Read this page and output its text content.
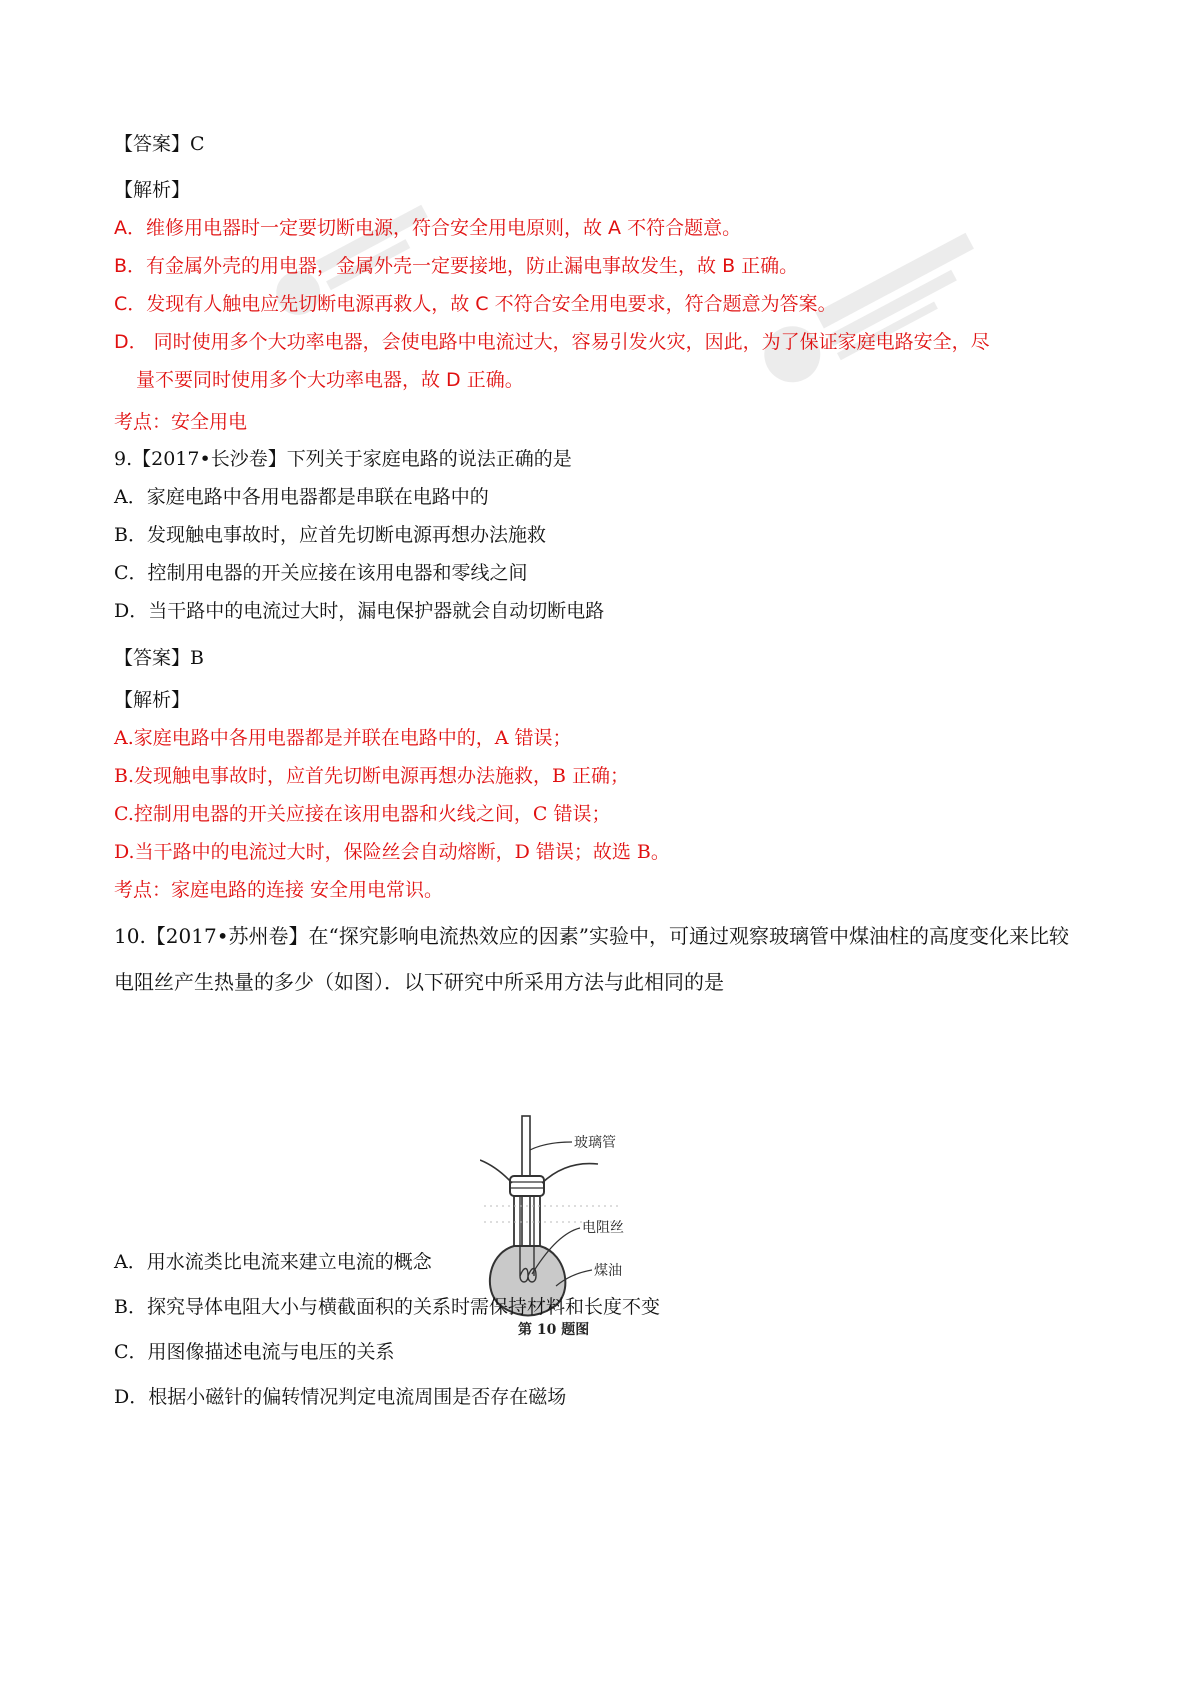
【答案】C
【解析】
A．维修用电器时一定要切断电源，符合安全用电原则，故 A 不符合题意。
B．有金属外壳的用电器，金属外壳一定要接地，防止漏电事故发生，故 B 正确。
C．发现有人触电应先切断电源再救人，故 C 不符合安全用电要求，符合题意为答案。
D． 同时使用多个大功率电器，会使电路中电流过大，容易引发火灾，因此，为了保证家庭电路安全，尽
量不要同时使用多个大功率电器，故 D 正确。
考点：安全用电
9.【2017•长沙卷】下列关于家庭电路的说法正确的是
A．家庭电路中各用电器都是串联在电路中的
B．发现触电事故时，应首先切断电源再想办法施救
C．控制用电器的开关应接在该用电器和零线之间
D．当干路中的电流过大时，漏电保护器就会自动切断电路
【答案】B
【解析】
A.家庭电路中各用电器都是并联在电路中的，A 错误；
B.发现触电事故时，应首先切断电源再想办法施救，B 正确；
C.控制用电器的开关应接在该用电器和火线之间，C 错误；
D.当干路中的电流过大时，保险丝会自动熔断，D 错误；故选 B。
考点：家庭电路的连接 安全用电常识。
10.【2017•苏州卷】在“探究影响电流热效应的因素”实验中，可通过观察玻璃管中煤油柱的高度变化来比较
电阻丝产生热量的多少（如图）．以下研究中所采用方法与此相同的是
玻璃管
电阻丝
煤油
第 10 题图
A．用水流类比电流来建立电流的概念
B．探究导体电阻大小与横截面积的关系时需保持材料和长度不变
C．用图像描述电流与电压的关系
D．根据小磁针的偏转情况判定电流周围是否存在磁场
